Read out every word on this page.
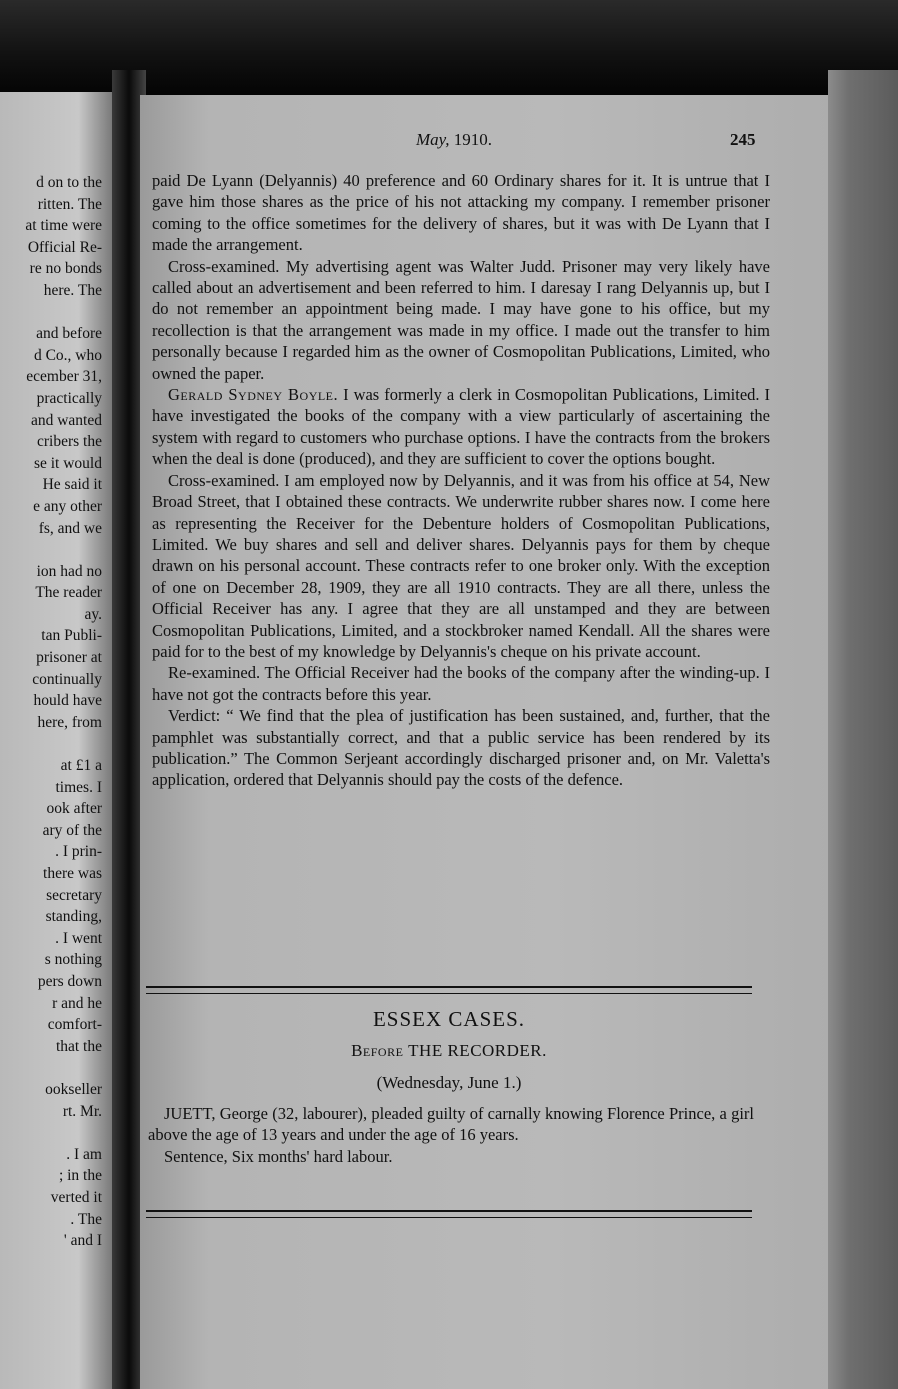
d on to the
ritten. The
at time were
Official Re-
re no bonds
here. The

and before
d Co., who
ecember 31,
practically
and wanted
cribers the
se it would
He said it
e any other
fs, and we

ion had no
The reader
ay.
tan Publi-
prisoner at
continually
hould have
here, from

at £1 a
times. I
ook after
ary of the
. I prin-
there was
secretary
standing,
. I went
s nothing
pers down
r and he
comfort-
that the

ookseller
rt. Mr.

. I am
; in the
verted it
. The
' and I
May, 1910.	245

paid De Lyann (Delyannis) 40 preference and 60 Ordinary shares for it. It is untrue that I gave him those shares as the price of his not attacking my company. I remember prisoner coming to the office sometimes for the delivery of shares, but it was with De Lyann that I made the arrangement.

Cross-examined. My advertising agent was Walter Judd. Prisoner may very likely have called about an advertisement and been referred to him. I daresay I rang Delyannis up, but I do not remember an appointment being made. I may have gone to his office, but my recollection is that the arrangement was made in my office. I made out the transfer to him personally because I regarded him as the owner of Cosmopolitan Publications, Limited, who owned the paper.

Gerald Sydney Boyle. I was formerly a clerk in Cosmopolitan Publications, Limited. I have investigated the books of the company with a view particularly of ascertaining the system with regard to customers who purchase options. I have the contracts from the brokers when the deal is done (produced), and they are sufficient to cover the options bought.

Cross-examined. I am employed now by Delyannis, and it was from his office at 54, New Broad Street, that I obtained these contracts. We underwrite rubber shares now. I come here as representing the Receiver for the Debenture holders of Cosmopolitan Publications, Limited. We buy shares and sell and deliver shares. Delyannis pays for them by cheque drawn on his personal account. These contracts refer to one broker only. With the exception of one on December 28, 1909, they are all 1910 contracts. They are all there, unless the Official Receiver has any. I agree that they are all unstamped and they are between Cosmopolitan Publications, Limited, and a stockbroker named Kendall. All the shares were paid for to the best of my knowledge by Delyannis's cheque on his private account.

Re-examined. The Official Receiver had the books of the company after the winding-up. I have not got the contracts before this year.

Verdict: “ We find that the plea of justification has been sustained, and, further, that the pamphlet was substantially correct, and that a public service has been rendered by its publication.” The Common Serjeant accordingly discharged prisoner and, on Mr. Valetta's application, ordered that Delyannis should pay the costs of the defence.

ESSEX CASES.
Before THE RECORDER.
(Wednesday, June 1.)

JUETT, George (32, labourer), pleaded guilty of carnally knowing Florence Prince, a girl above the age of 13 years and under the age of 16 years.

Sentence, Six months' hard labour.
